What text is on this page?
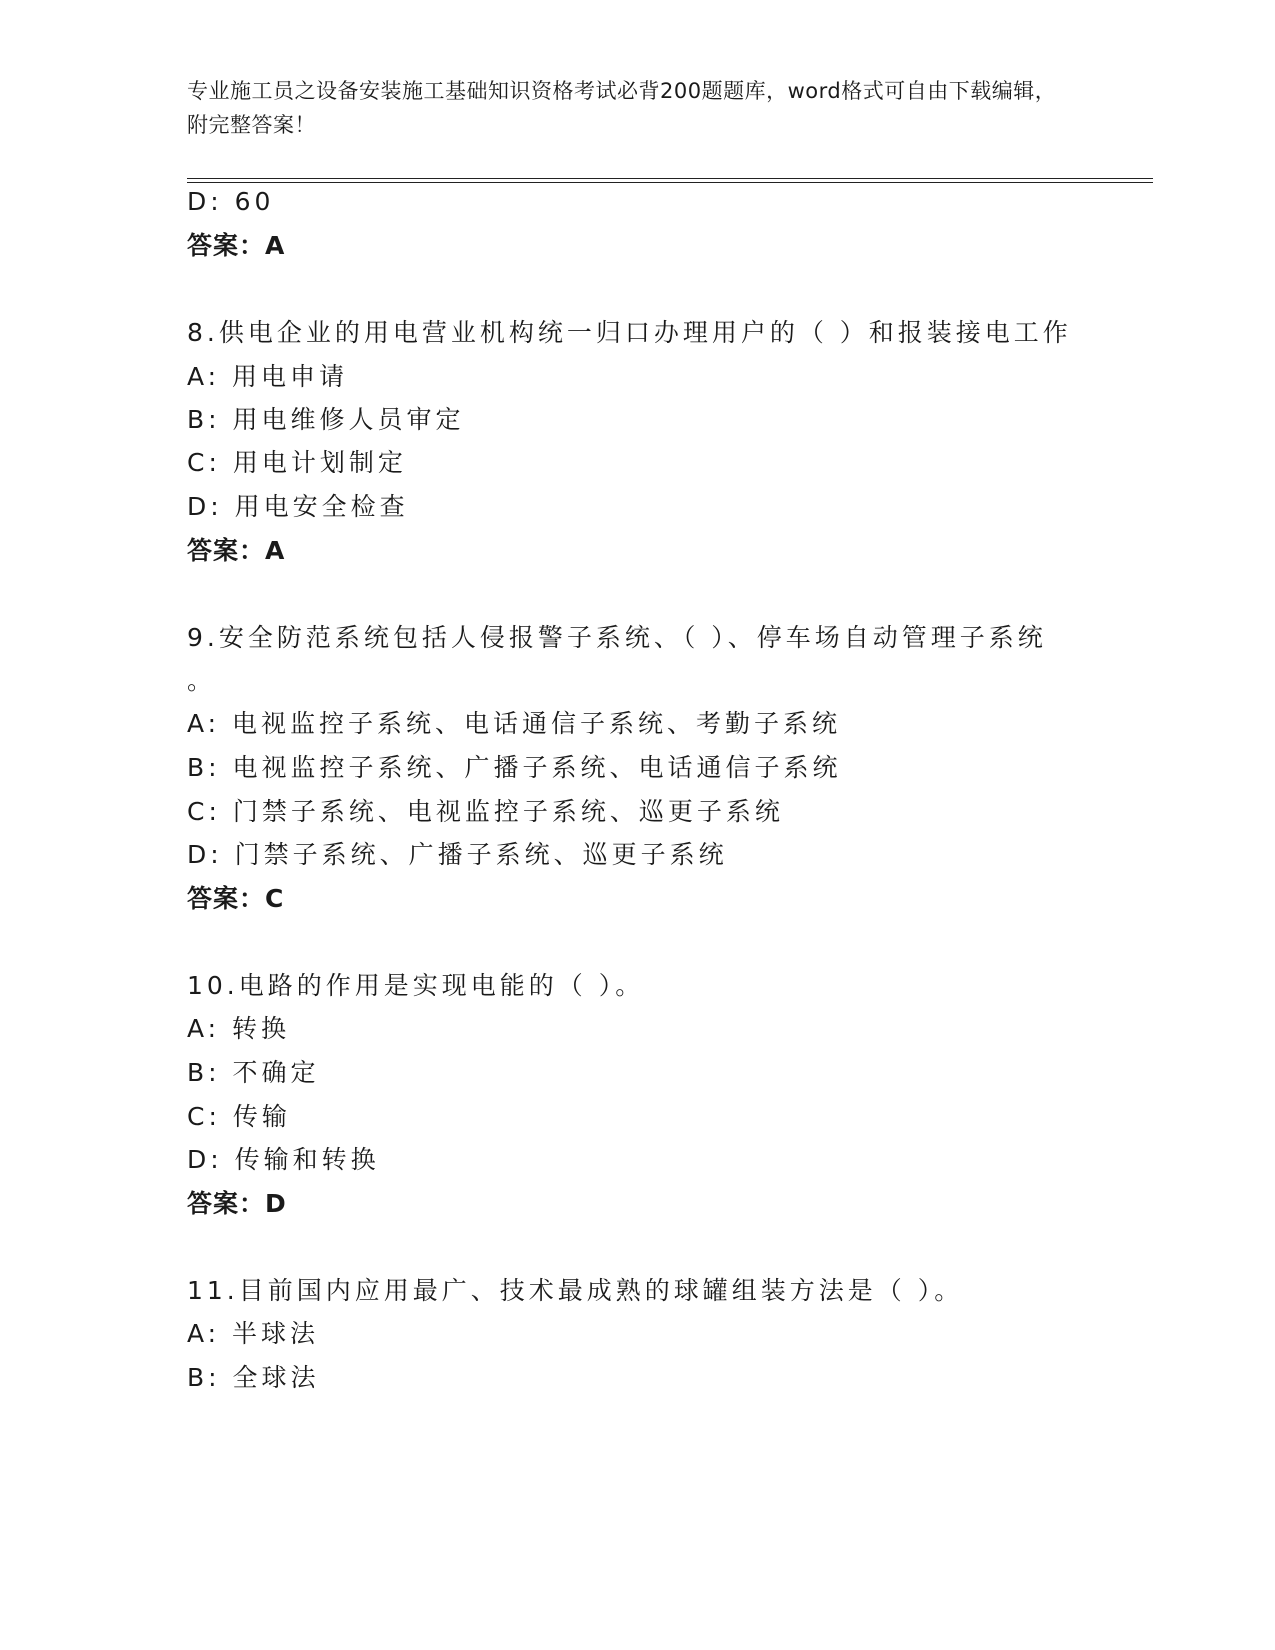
专业施工员之设备安装施工基础知识资格考试必背200题题库，word格式可自由下载编辑，附完整答案！
D: 60
答案：A
8.供电企业的用电营业机构统一归口办理用户的（ ）和报装接电工作
A: 用电申请
B: 用电维修人员审定
C: 用电计划制定
D: 用电安全检查
答案：A
9.安全防范系统包括人侵报警子系统、（ ）、停车场自动管理子系统
。
A: 电视监控子系统、电话通信子系统、考勤子系统
B: 电视监控子系统、广播子系统、电话通信子系统
C: 门禁子系统、电视监控子系统、巡更子系统
D: 门禁子系统、广播子系统、巡更子系统
答案：C
10.电路的作用是实现电能的（ ）。
A: 转换
B: 不确定
C: 传输
D: 传输和转换
答案：D
11.目前国内应用最广、技术最成熟的球罐组装方法是（ ）。
A: 半球法
B: 全球法
